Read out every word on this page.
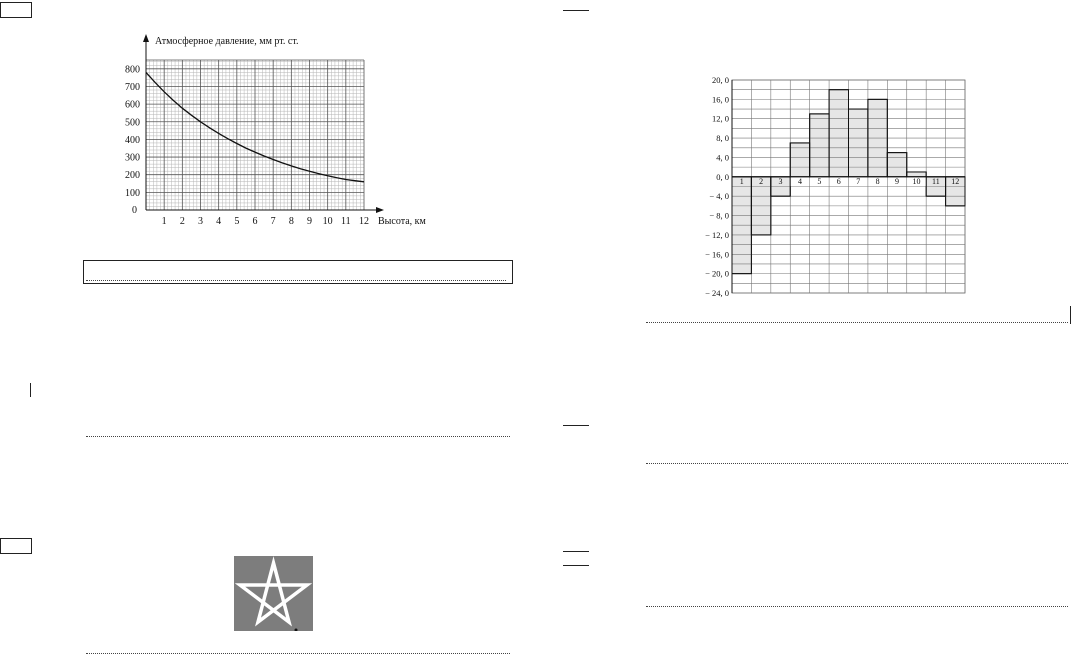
100
200
300
400
500
600
700
800
1 2 3 4 5 6 7 8 9 10 11 12
0
Атмосферное давление, мм рт. ст.
Высота, км
20, 0
16, 0
12, 0
8, 0
4, 0
0, 0
− 4, 0
− 8, 0
− 12, 0
− 16, 0
− 20, 0
− 24, 0
1 2 3 4 5 6 7 8 9 10 11 12
